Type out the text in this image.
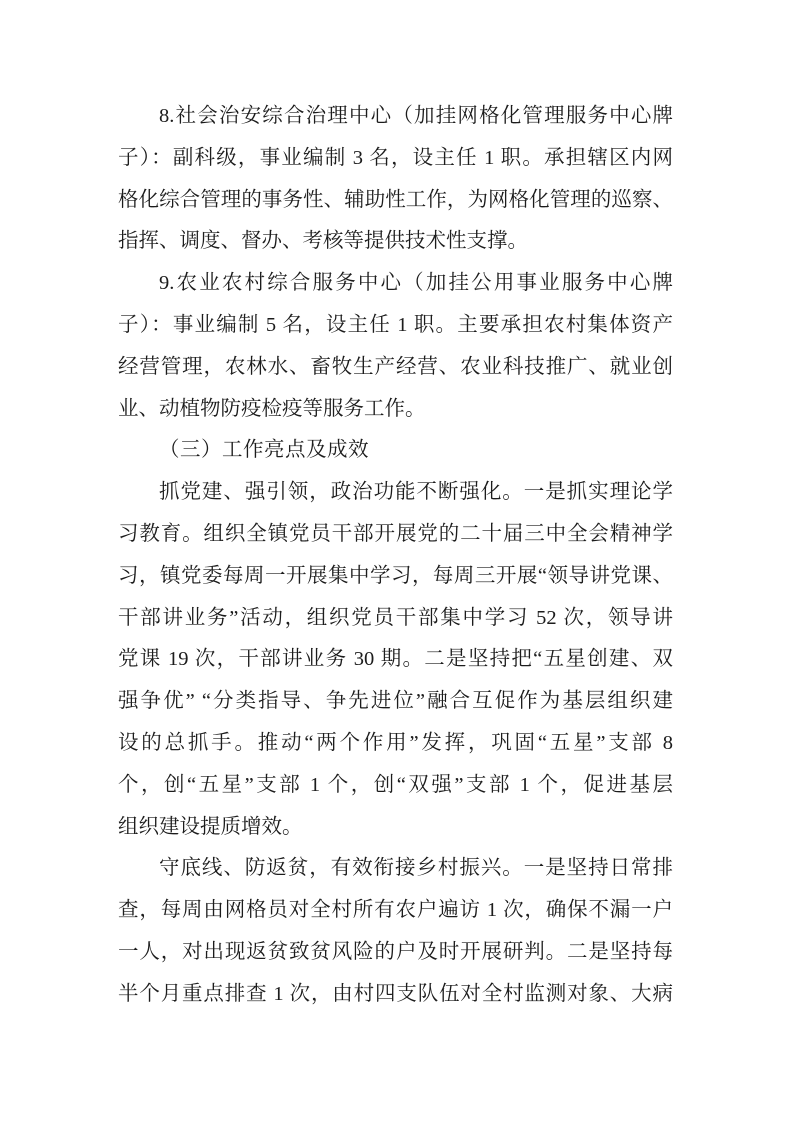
8.社会治安综合治理中心（加挂网格化管理服务中心牌
子）：副科级，事业编制 3 名，设主任 1 职。承担辖区内网
格化综合管理的事务性、辅助性工作，为网格化管理的巡察、
指挥、调度、督办、考核等提供技术性支撑。
9.农业农村综合服务中心（加挂公用事业服务中心牌
子）：事业编制 5 名，设主任 1 职。主要承担农村集体资产
经营管理，农林水、畜牧生产经营、农业科技推广、就业创
业、动植物防疫检疫等服务工作。
（三）工作亮点及成效
抓党建、强引领，政治功能不断强化。一是抓实理论学
习教育。组织全镇党员干部开展党的二十届三中全会精神学
习，镇党委每周一开展集中学习，每周三开展“领导讲党课、
干部讲业务”活动，组织党员干部集中学习 52 次，领导讲
党课 19 次，干部讲业务 30 期。二是坚持把“五星创建、双
强争优” “分类指导、争先进位”融合互促作为基层组织建
设的总抓手。推动“两个作用”发挥，巩固“五星”支部 8
个，创“五星”支部 1 个，创“双强”支部 1 个，促进基层
组织建设提质增效。
守底线、防返贫，有效衔接乡村振兴。一是坚持日常排
查，每周由网格员对全村所有农户遍访 1 次，确保不漏一户
一人，对出现返贫致贫风险的户及时开展研判。二是坚持每
半个月重点排查 1 次，由村四支队伍对全村监测对象、大病
